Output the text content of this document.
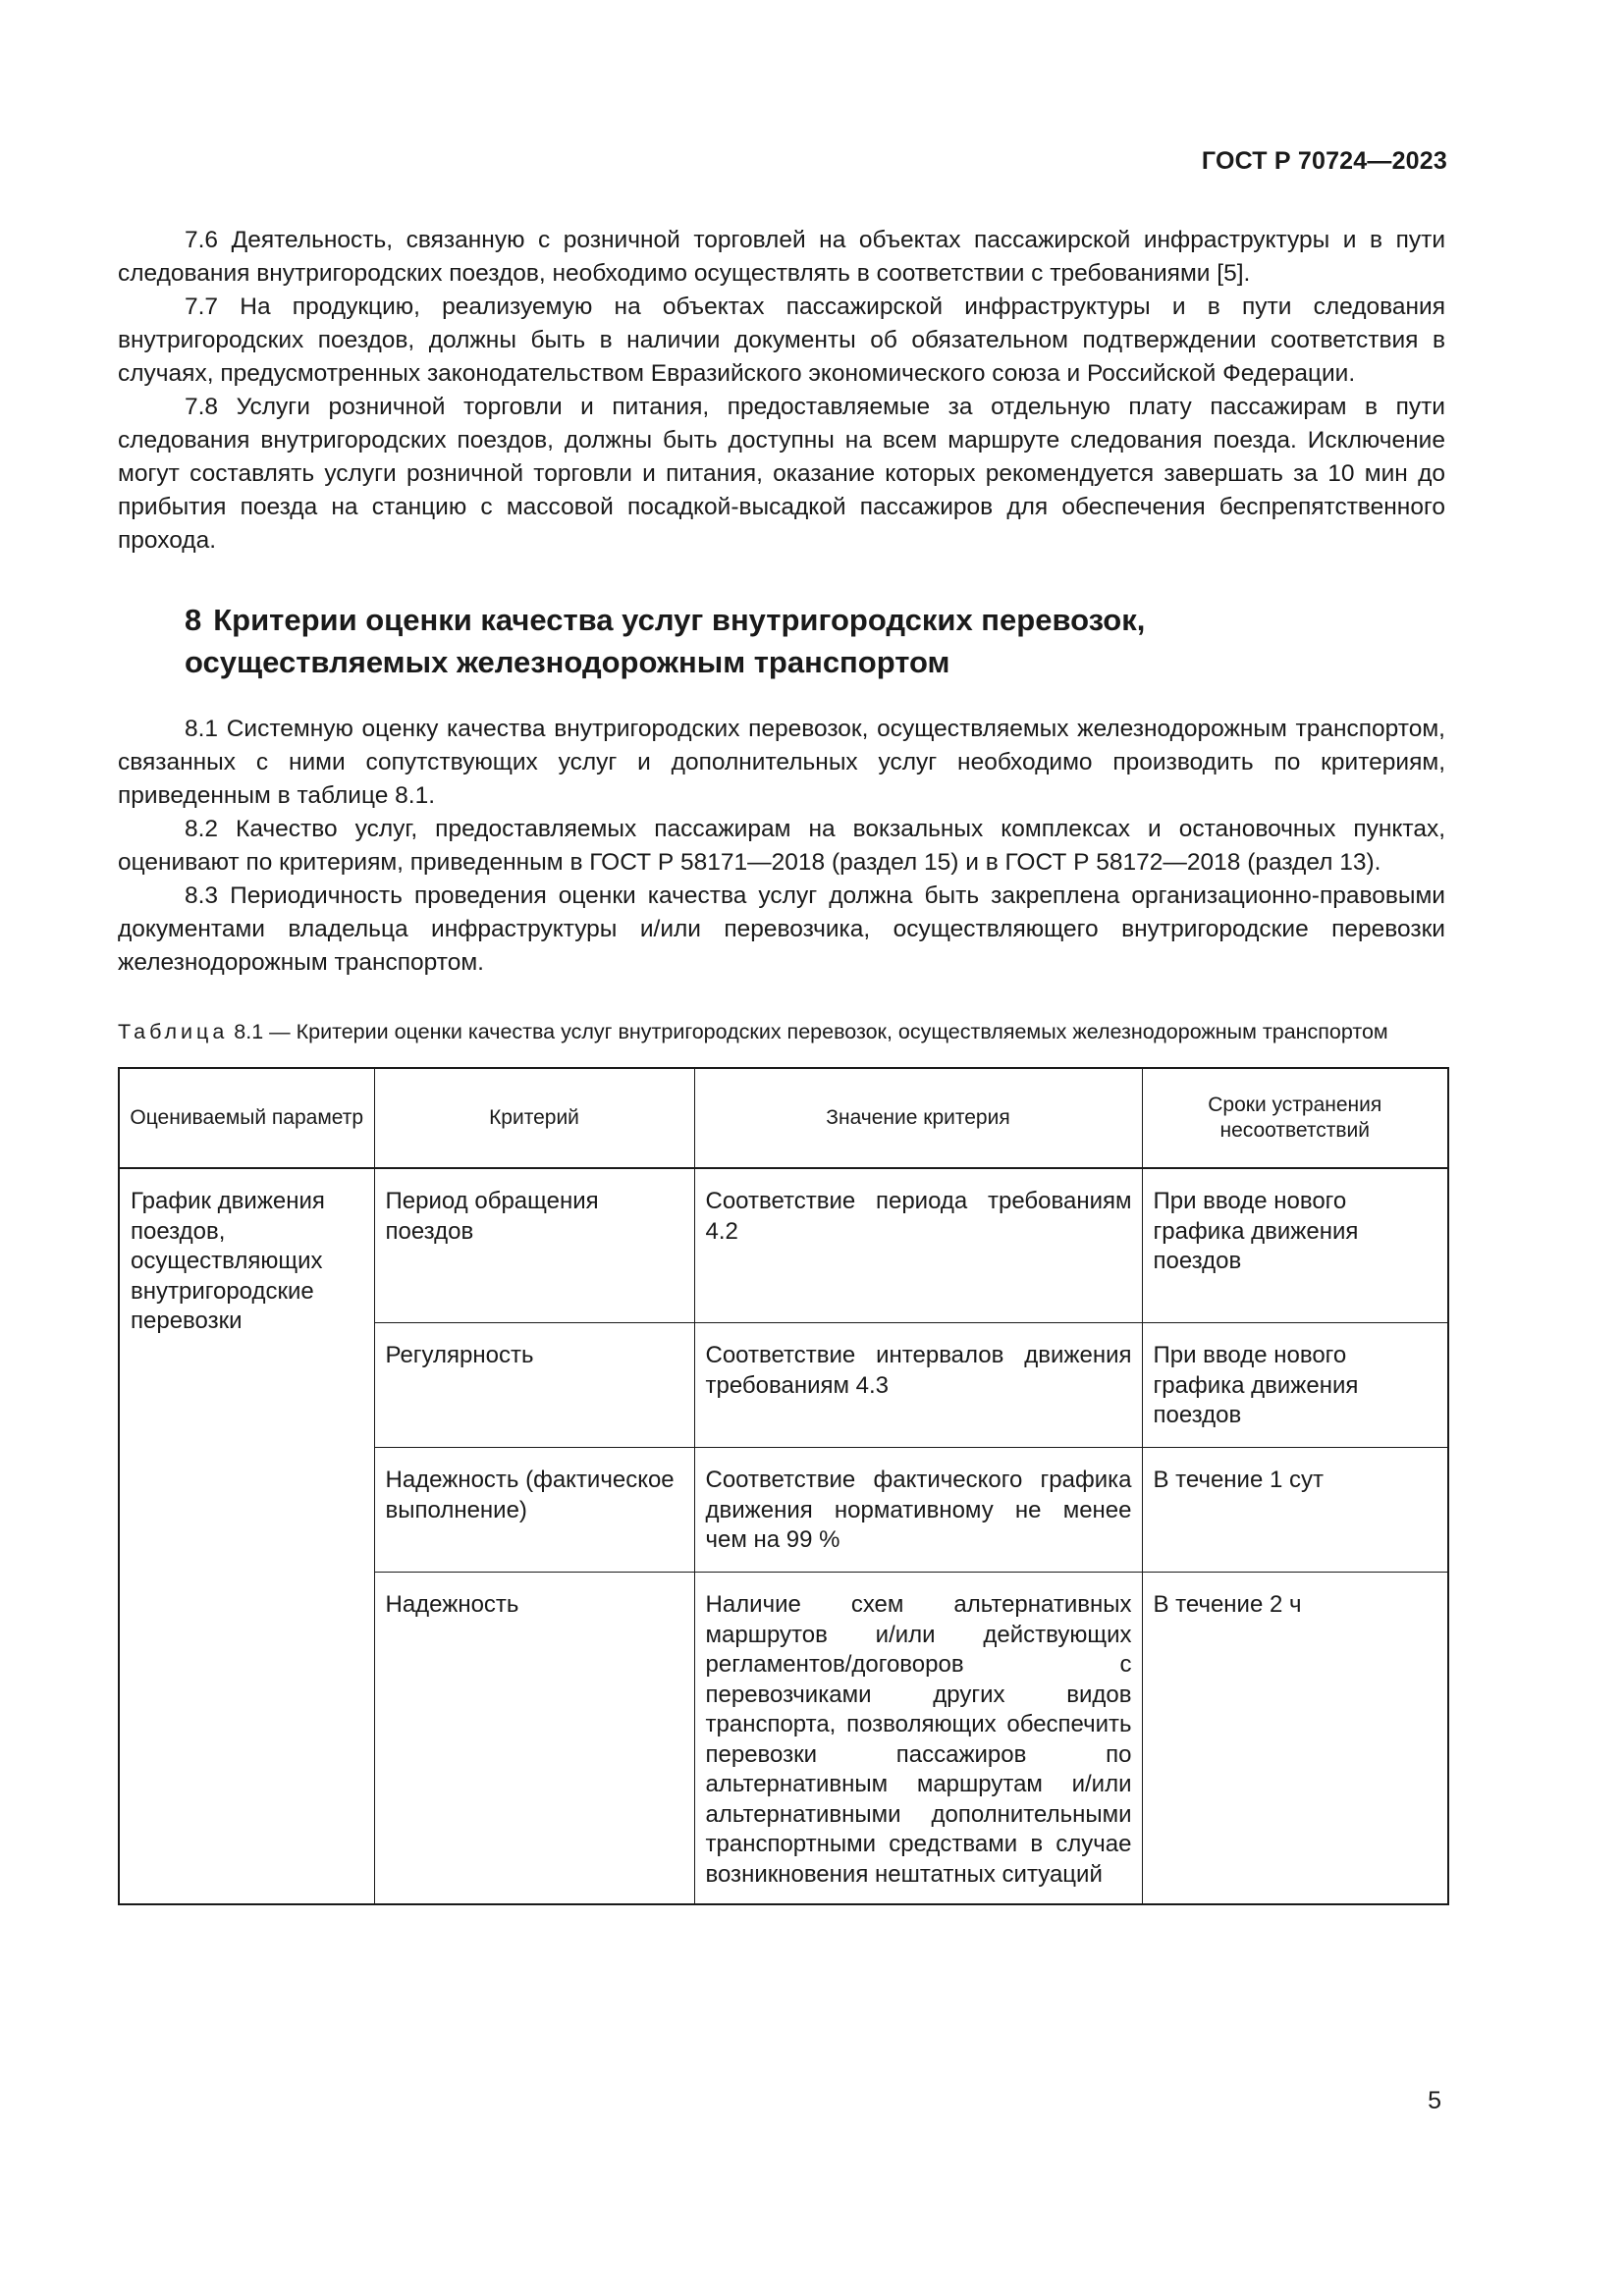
ГОСТ Р 70724—2023

7.6 Деятельность, связанную с розничной торговлей на объектах пассажирской инфраструктуры и в пути следования внутригородских поездов, необходимо осуществлять в соответствии с требованиями [5].

7.7 На продукцию, реализуемую на объектах пассажирской инфраструктуры и в пути следования внутригородских поездов, должны быть в наличии документы об обязательном подтверждении соответствия в случаях, предусмотренных законодательством Евразийского экономического союза и Российской Федерации.

7.8 Услуги розничной торговли и питания, предоставляемые за отдельную плату пассажирам в пути следования внутригородских поездов, должны быть доступны на всем маршруте следования поезда. Исключение могут составлять услуги розничной торговли и питания, оказание которых рекомендуется завершать за 10 мин до прибытия поезда на станцию с массовой посадкой-высадкой пассажиров для обеспечения беспрепятственного прохода.

8 Критерии оценки качества услуг внутригородских перевозок,
осуществляемых железнодорожным транспортом

8.1 Системную оценку качества внутригородских перевозок, осуществляемых железнодорожным транспортом, связанных с ними сопутствующих услуг и дополнительных услуг необходимо производить по критериям, приведенным в таблице 8.1.

8.2 Качество услуг, предоставляемых пассажирам на вокзальных комплексах и остановочных пунктах, оценивают по критериям, приведенным в ГОСТ Р 58171—2018 (раздел 15) и в ГОСТ Р 58172—2018 (раздел 13).

8.3 Периодичность проведения оценки качества услуг должна быть закреплена организационно-правовыми документами владельца инфраструктуры и/или перевозчика, осуществляющего внутригородские перевозки железнодорожным транспортом.

Таблица 8.1 — Критерии оценки качества услуг внутригородских перевозок, осуществляемых железнодорожным транспортом
Оцениваемый параметр	Критерий	Значение критерия	Сроки устранения несоответствий
График движения поездов, осуществляющих внутригородские перевозки	Период обращения поездов	Соответствие периода требованиям 4.2	При вводе нового графика движения поездов
	Регулярность	Соответствие интервалов движения требованиям 4.3	При вводе нового графика движения поездов
	Надежность (фактическое выполнение)	Соответствие фактического графика движения нормативному не менее чем на 99 %	В течение 1 сут
	Надежность	Наличие схем альтернативных маршрутов и/или действующих регламентов/договоров с перевозчиками других видов транспорта, позволяющих обеспечить перевозки пассажиров по альтернативным маршрутам и/или альтернативными дополнительными транспортными средствами в случае возникновения нештатных ситуаций	В течение 2 ч
5
